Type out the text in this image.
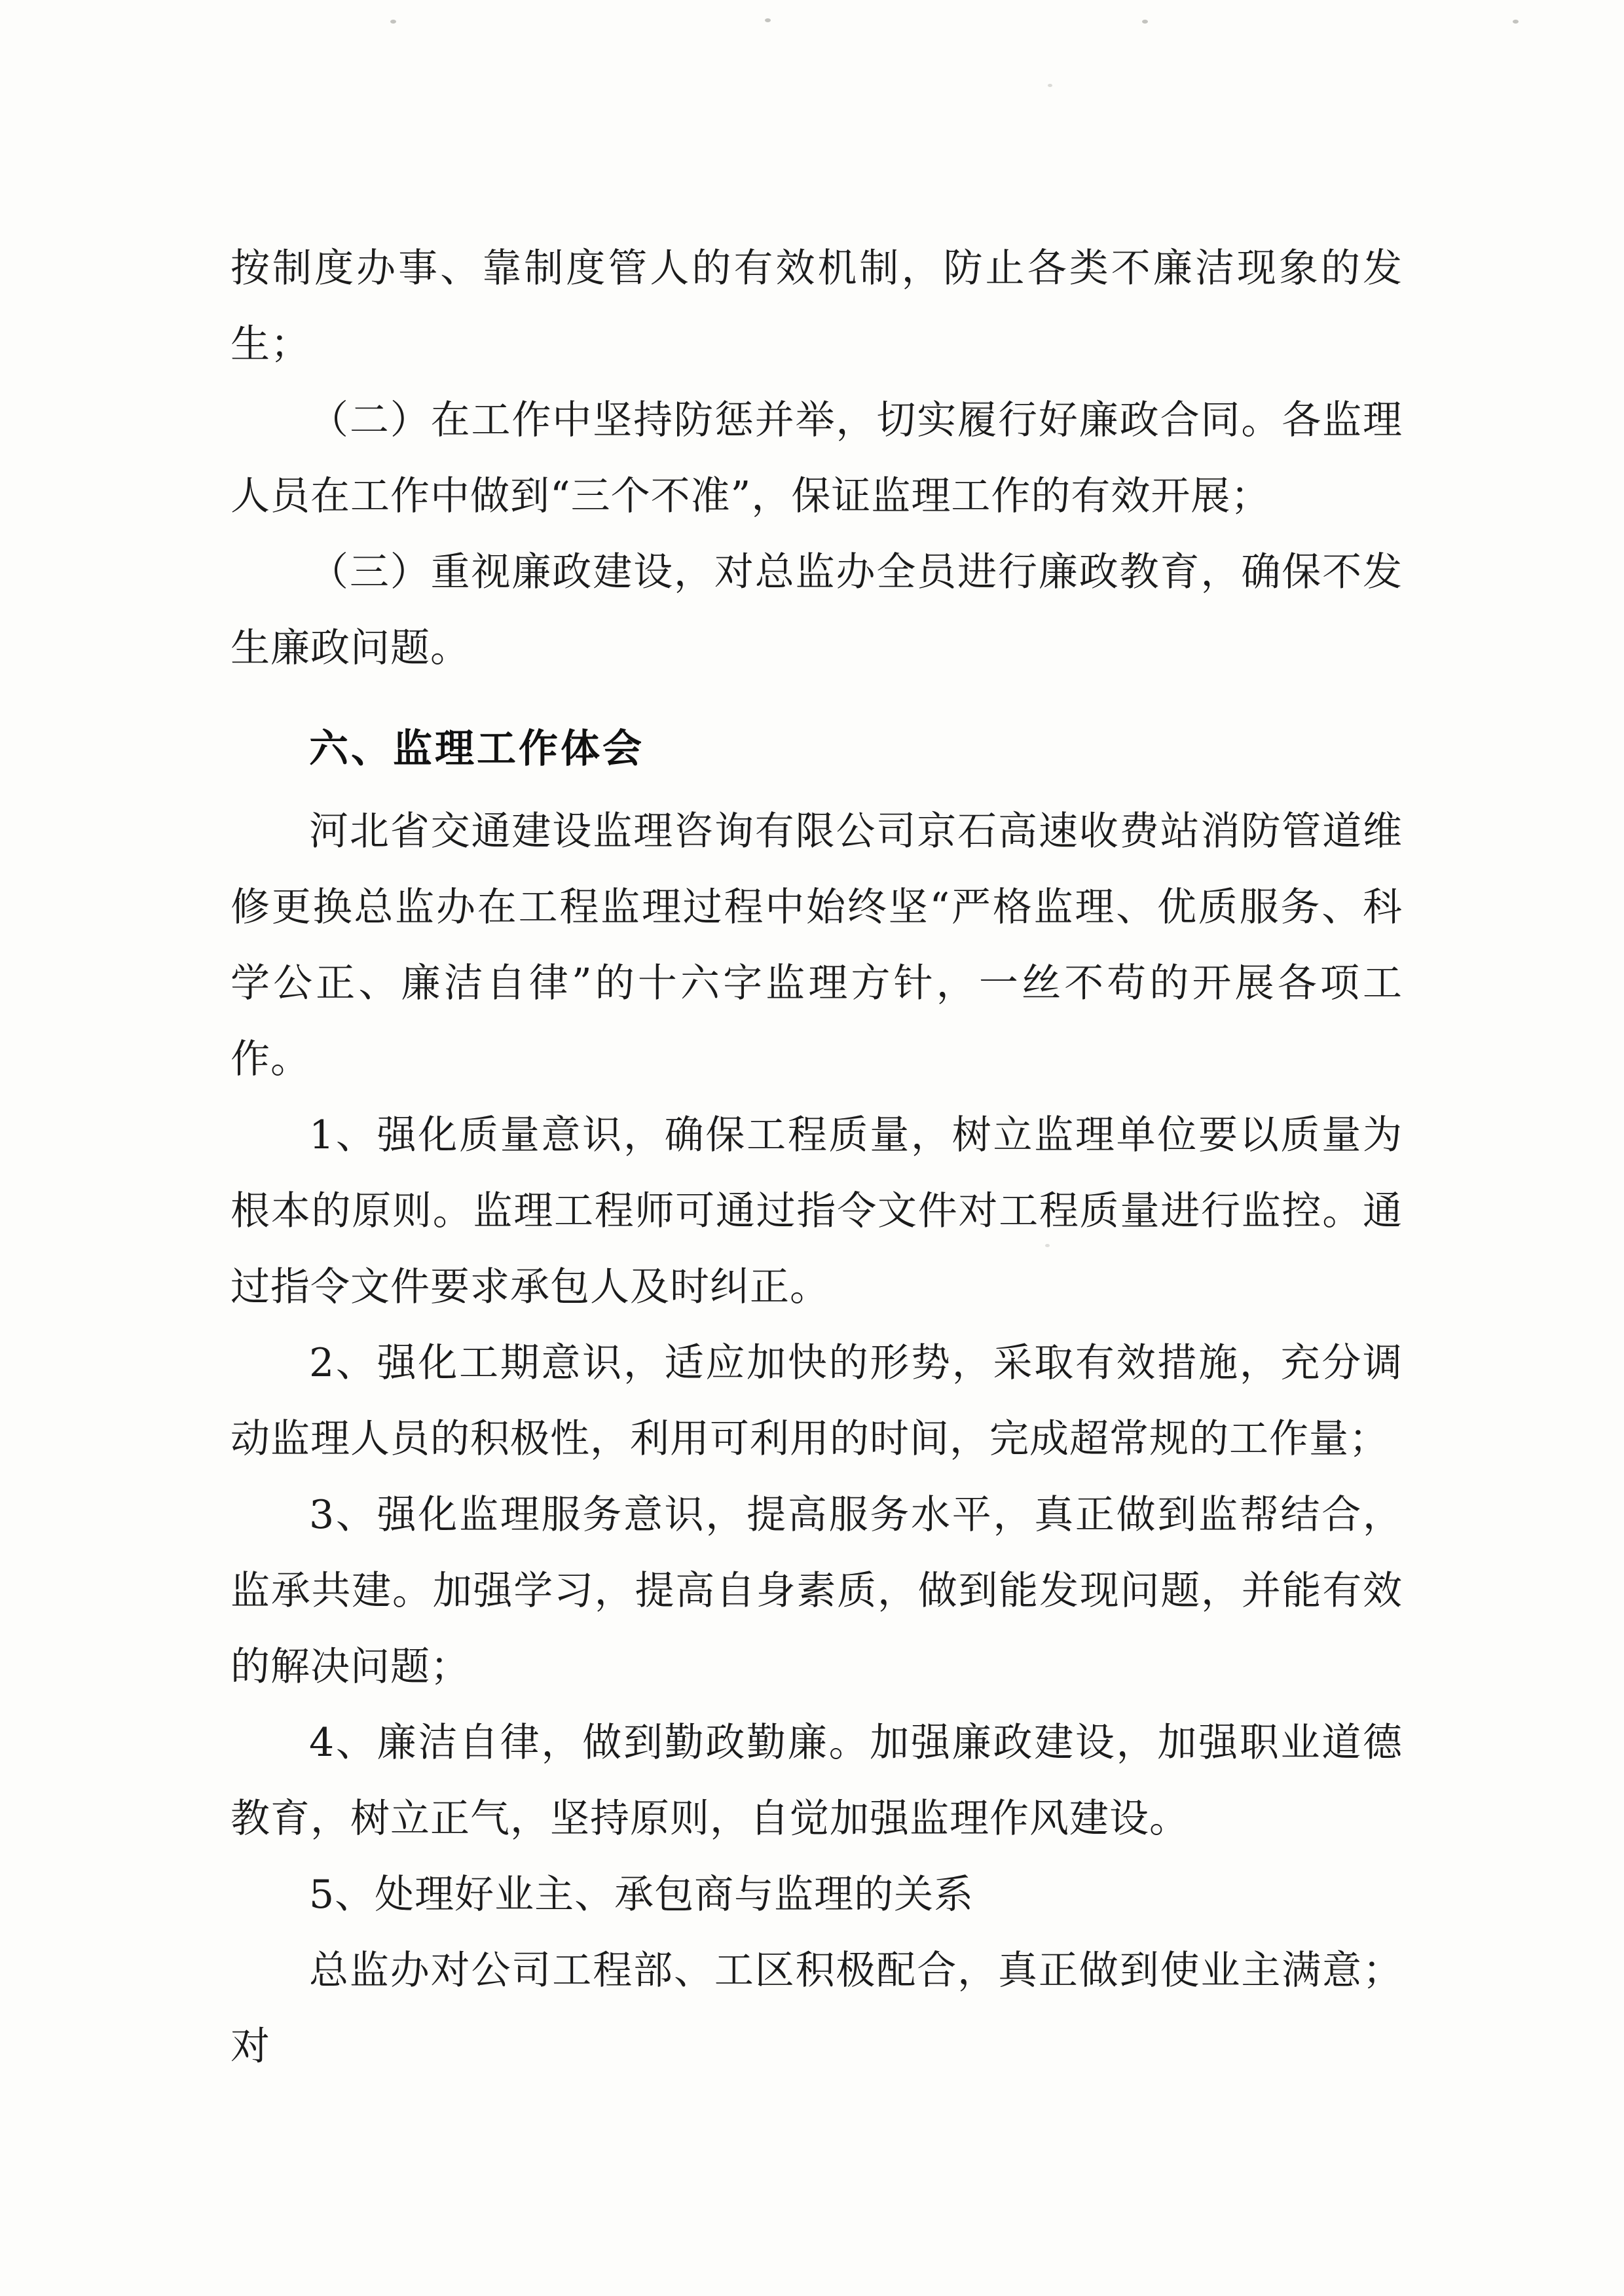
按制度办事、靠制度管人的有效机制，防止各类不廉洁现象的发生；

（二）在工作中坚持防惩并举，切实履行好廉政合同。各监理人员在工作中做到“三个不准”，保证监理工作的有效开展；

（三）重视廉政建设，对总监办全员进行廉政教育，确保不发生廉政问题。

六、监理工作体会

河北省交通建设监理咨询有限公司京石高速收费站消防管道维修更换总监办在工程监理过程中始终坚“严格监理、优质服务、科学公正、廉洁自律”的十六字监理方针，一丝不苟的开展各项工作。

1、强化质量意识，确保工程质量，树立监理单位要以质量为根本的原则。监理工程师可通过指令文件对工程质量进行监控。通过指令文件要求承包人及时纠正。

2、强化工期意识，适应加快的形势，采取有效措施，充分调动监理人员的积极性，利用可利用的时间，完成超常规的工作量；

3、强化监理服务意识，提高服务水平，真正做到监帮结合，监承共建。加强学习，提高自身素质，做到能发现问题，并能有效的解决问题；

4、廉洁自律，做到勤政勤廉。加强廉政建设，加强职业道德教育，树立正气，坚持原则，自觉加强监理作风建设。

5、处理好业主、承包商与监理的关系

总监办对公司工程部、工区积极配合，真正做到使业主满意；对
